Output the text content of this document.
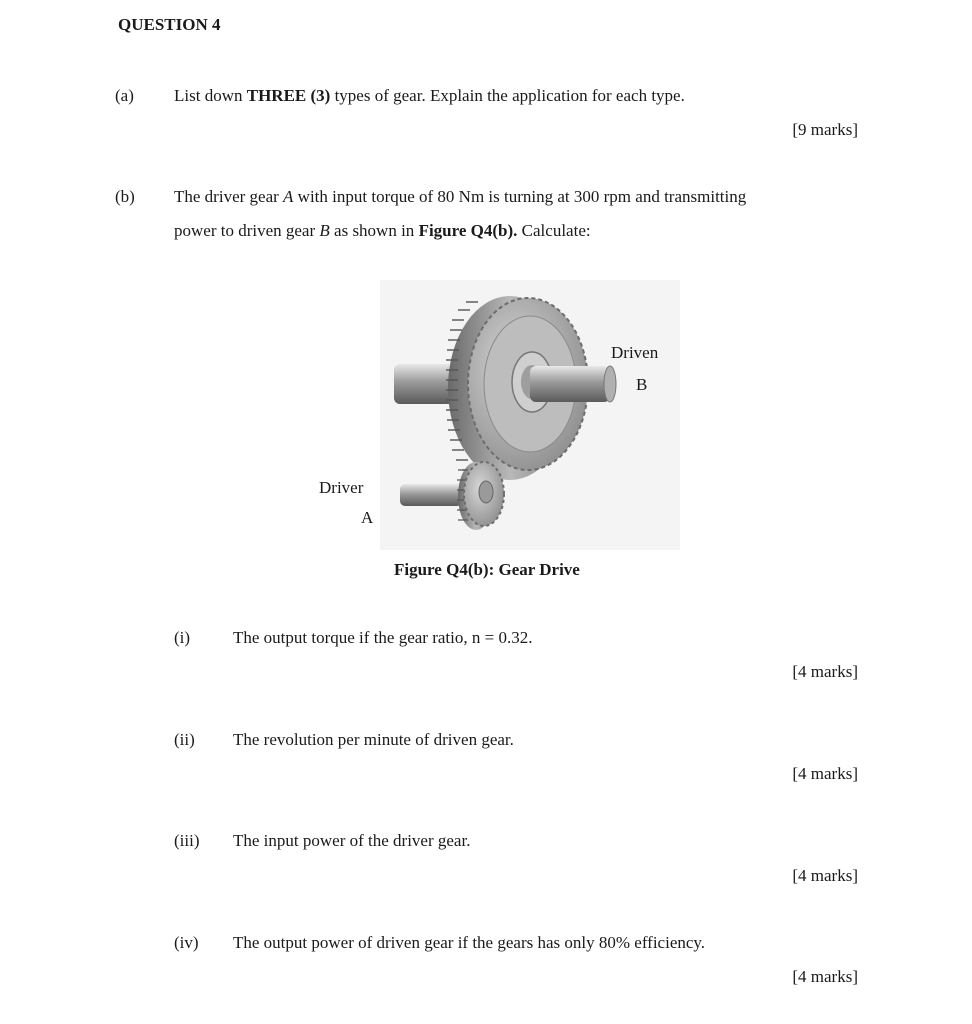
QUESTION 4
(a) List down THREE (3) types of gear. Explain the application for each type.
[9 marks]
(b) The driver gear A with input torque of 80 Nm is turning at 300 rpm and transmitting
power to driven gear B as shown in Figure Q4(b). Calculate:
Driven
B
Driver
A
Figure Q4(b): Gear Drive
(i)	The output torque if the gear ratio, n = 0.32.
[4 marks]
(ii) The revolution per minute of driven gear.
[4 marks]
(iii) The input power of the driver gear.
[4 marks]
(iv) The output power of driven gear if the gears has only 80% efficiency.
[4 marks]
